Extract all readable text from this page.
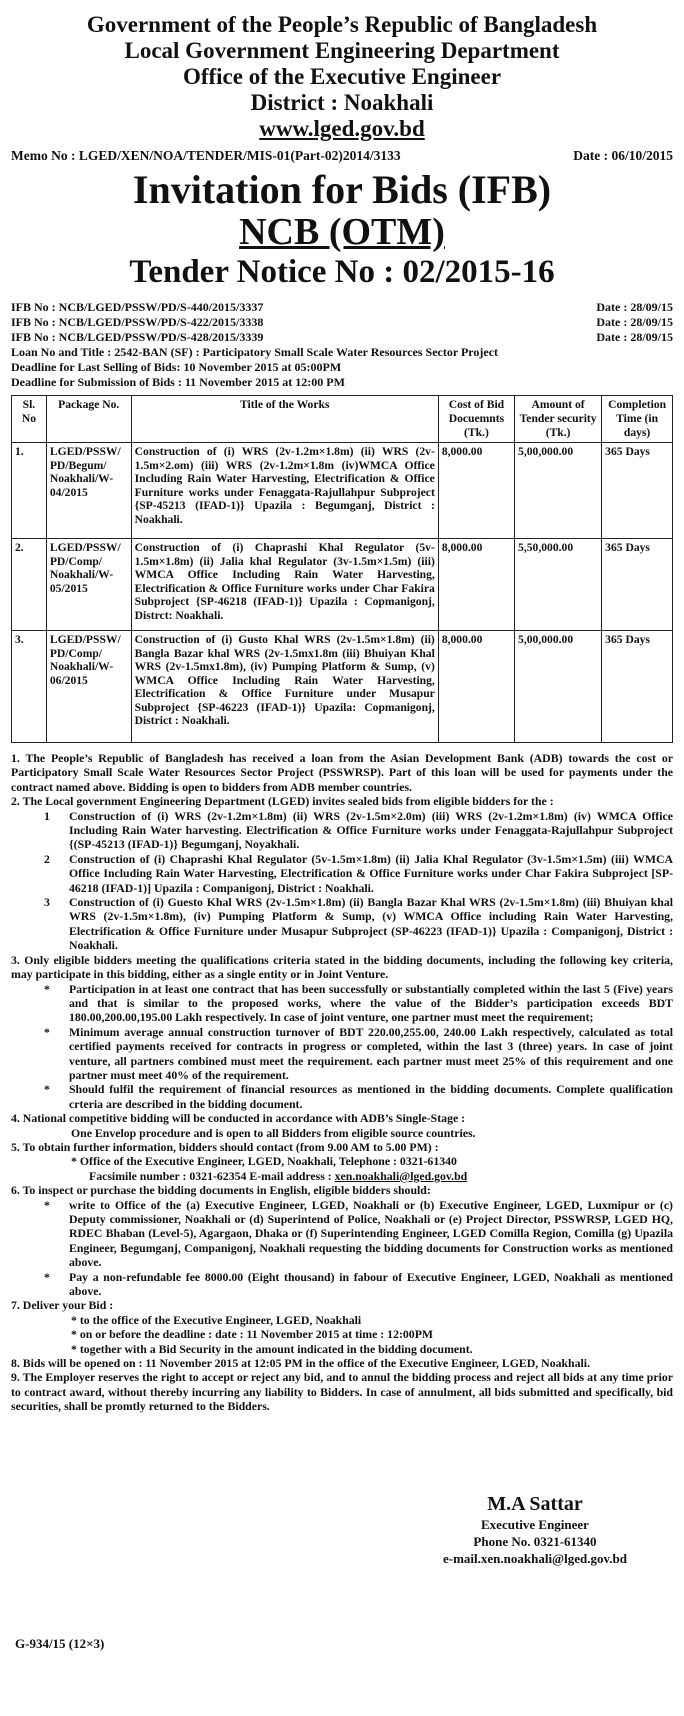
Government of the People’s Republic of Bangladesh
Local Government Engineering Department
Office of the Executive Engineer
District : Noakhali
www.lged.gov.bd
Memo No : LGED/XEN/NOA/TENDER/MIS-01(Part-02)2014/3133	Date : 06/10/2015
Invitation for Bids (IFB)
NCB (OTM)
Tender Notice No : 02/2015-16
IFB No : NCB/LGED/PSSW/PD/S-440/2015/3337	Date : 28/09/15
IFB No : NCB/LGED/PSSW/PD/S-422/2015/3338	Date : 28/09/15
IFB No : NCB/LGED/PSSW/PD/S-428/2015/3339	Date : 28/09/15
Loan No and Title : 2542-BAN (SF) : Participatory Small Scale Water Resources Sector Project
Deadline for Last Selling of Bids: 10 November 2015 at 05:00PM
Deadline for Submission of Bids : 11 November 2015 at 12:00 PM
Sl. No	Package No.	Title of the Works	Cost of Bid Docuemnts (Tk.)	Amount of Tender security (Tk.)	Completion Time (in days)
1.	LGED/PSSW/ PD/Begum/ Noakhali/W- 04/2015	Construction of (i) WRS (2v-1.2m×1.8m) (ii) WRS (2v-1.5m×2.om) (iii) WRS (2v-1.2m×1.8m (iv)WMCA Office Including Rain Water Harvesting, Electrification & Office Furniture works under Fenaggata-Rajullahpur Subproject {SP-45213 (IFAD-1)} Upazila : Begumganj, District : Noakhali.	8,000.00	5,00,000.00	365 Days
2.	LGED/PSSW/ PD/Comp/ Noakhali/W- 05/2015	Construction of (i) Chaprashi Khal Regulator (5v-1.5m×1.8m) (ii) Jalia khal Regulator (3v-1.5m×1.5m) (iii) WMCA Office Including Rain Water Harvesting, Electrification & Office Furniture works under Char Fakira Subproject {SP-46218 (IFAD-1)} Upazila : Copmanigonj, Distrct: Noakhali.	8,000.00	5,50,000.00	365 Days
3.	LGED/PSSW/ PD/Comp/ Noakhali/W- 06/2015	Construction of (i) Gusto Khal WRS (2v-1.5m×1.8m) (ii) Bangla Bazar khal WRS (2v-1.5mx1.8m (iii) Bhuiyan Khal WRS (2v-1.5mx1.8m), (iv) Pumping Platform & Sump, (v) WMCA Office Including Rain Water Harvesting, Electrification & Office Furniture under Musapur Subproject {SP-46223 (IFAD-1)} Upazila: Copmanigonj, District : Noakhali.	8,000.00	5,00,000.00	365 Days

1. The People’s Republic of Bangladesh has received a loan from the Asian Development Bank (ADB) towards the cost or Participatory Small Scale Water Resources Sector Project (PSSWRSP). Part of this loan will be used for payments under the contract named above. Bidding is open to bidders from ADB member countries.

2. The Local government Engineering Department (LGED) invites sealed bids from eligible bidders for the :

1	Construction of (i) WRS (2v-1.2m×1.8m) (ii) WRS (2v-1.5m×2.0m) (iii) WRS (2v-1.2m×1.8m) (iv) WMCA Office Including Rain Water harvesting. Electrification & Office Furniture works under Fenaggata-Rajullahpur Subproject {(SP-45213 (IFAD-1)} Begumganj, Noyakhali.
2	Construction of (i) Chaprashi Khal Regulator (5v-1.5m×1.8m) (ii) Jalia Khal Regulator (3v-1.5m×1.5m) (iii) WMCA Office Including Rain Water Harvesting, Electrification & Office Furniture works under Char Fakira Subproject [SP-46218 (IFAD-1)] Upazila : Companigonj, District : Noakhali.
3	Construction of (i) Guesto Khal WRS (2v-1.5m×1.8m) (ii) Bangla Bazar Khal WRS (2v-1.5m×1.8m) (iii) Bhuiyan khal WRS (2v-1.5m×1.8m), (iv) Pumping Platform & Sump, (v) WMCA Office including Rain Water Harvesting, Electrification & Office Furniture under Musapur Subproject (SP-46223 (IFAD-1)} Upazila : Companigonj, District : Noakhali.

3. Only eligible bidders meeting the qualifications criteria stated in the bidding documents, including the following key criteria, may participate in this bidding, either as a single entity or in Joint Venture.

*	Participation in at least one contract that has been successfully or substantially completed within the last 5 (Five) years and that is similar to the proposed works, where the value of the Bidder’s participation exceeds BDT 180.00,200.00,195.00 Lakh respectively. In case of joint venture, one partner must meet the requirement;
*	Minimum average annual construction turnover of BDT 220.00,255.00, 240.00 Lakh respectively, calculated as total certified payments received for contracts in progress or completed, within the last 3 (three) years. In case of joint venture, all partners combined must meet the requirement. each partner must meet 25% of this requirement and one partner must meet 40% of the requirement.
*	Should fulfil the requirement of financial resources as mentioned in the bidding documents. Complete qualification crteria are described in the bidding document.

4. National competitive bidding will be conducted in accordance with ADB’s Single-Stage :

One Envelop procedure and is open to all Bidders from eligible source countries.

5. To obtain further information, bidders should contact (from 9.00 AM to 5.00 PM) :

* Office of the Executive Engineer, LGED, Noakhali, Telephone : 0321-61340

Facsimile number : 0321-62354 E-mail address : xen.noakhali@lged.gov.bd

6. To inspect or purchase the bidding documents in English, eligible bidders should:

*	write to Office of the (a) Executive Engineer, LGED, Noakhali or (b) Executive Engineer, LGED, Luxmipur or (c) Deputy commissioner, Noakhali or (d) Superintend of Police, Noakhali or (e) Project Director, PSSWRSP, LGED HQ, RDEC Bhaban (Level-5), Agargaon, Dhaka or (f) Superintending Engineer, LGED Comilla Region, Comilla (g) Upazila Engineer, Begumganj, Companigonj, Noakhali requesting the bidding documents for Construction works as mentioned above.
*	Pay a non-refundable fee 8000.00 (Eight thousand) in fabour of Executive Engineer, LGED, Noakhali as mentioned above.

7. Deliver your Bid :

* to the office of the Executive Engineer, LGED, Noakhali

* on or before the deadline : date : 11 November 2015 at time : 12:00PM

* together with a Bid Security in the amount indicated in the bidding document.

8. Bids will be opened on : 11 November 2015 at 12:05 PM in the office of the Executive Engineer, LGED, Noakhali.

9. The Employer reserves the right to accept or reject any bid, and to annul the bidding process and reject all bids at any time prior to contract award, without thereby incurring any liability to Bidders. In case of annulment, all bids submitted and specifically, bid securities, shall be promtly returned to the Bidders.

M.A Sattar
Executive Engineer
Phone No. 0321-61340
e-mail.xen.noakhali@lged.gov.bd
G-934/15 (12×3)
